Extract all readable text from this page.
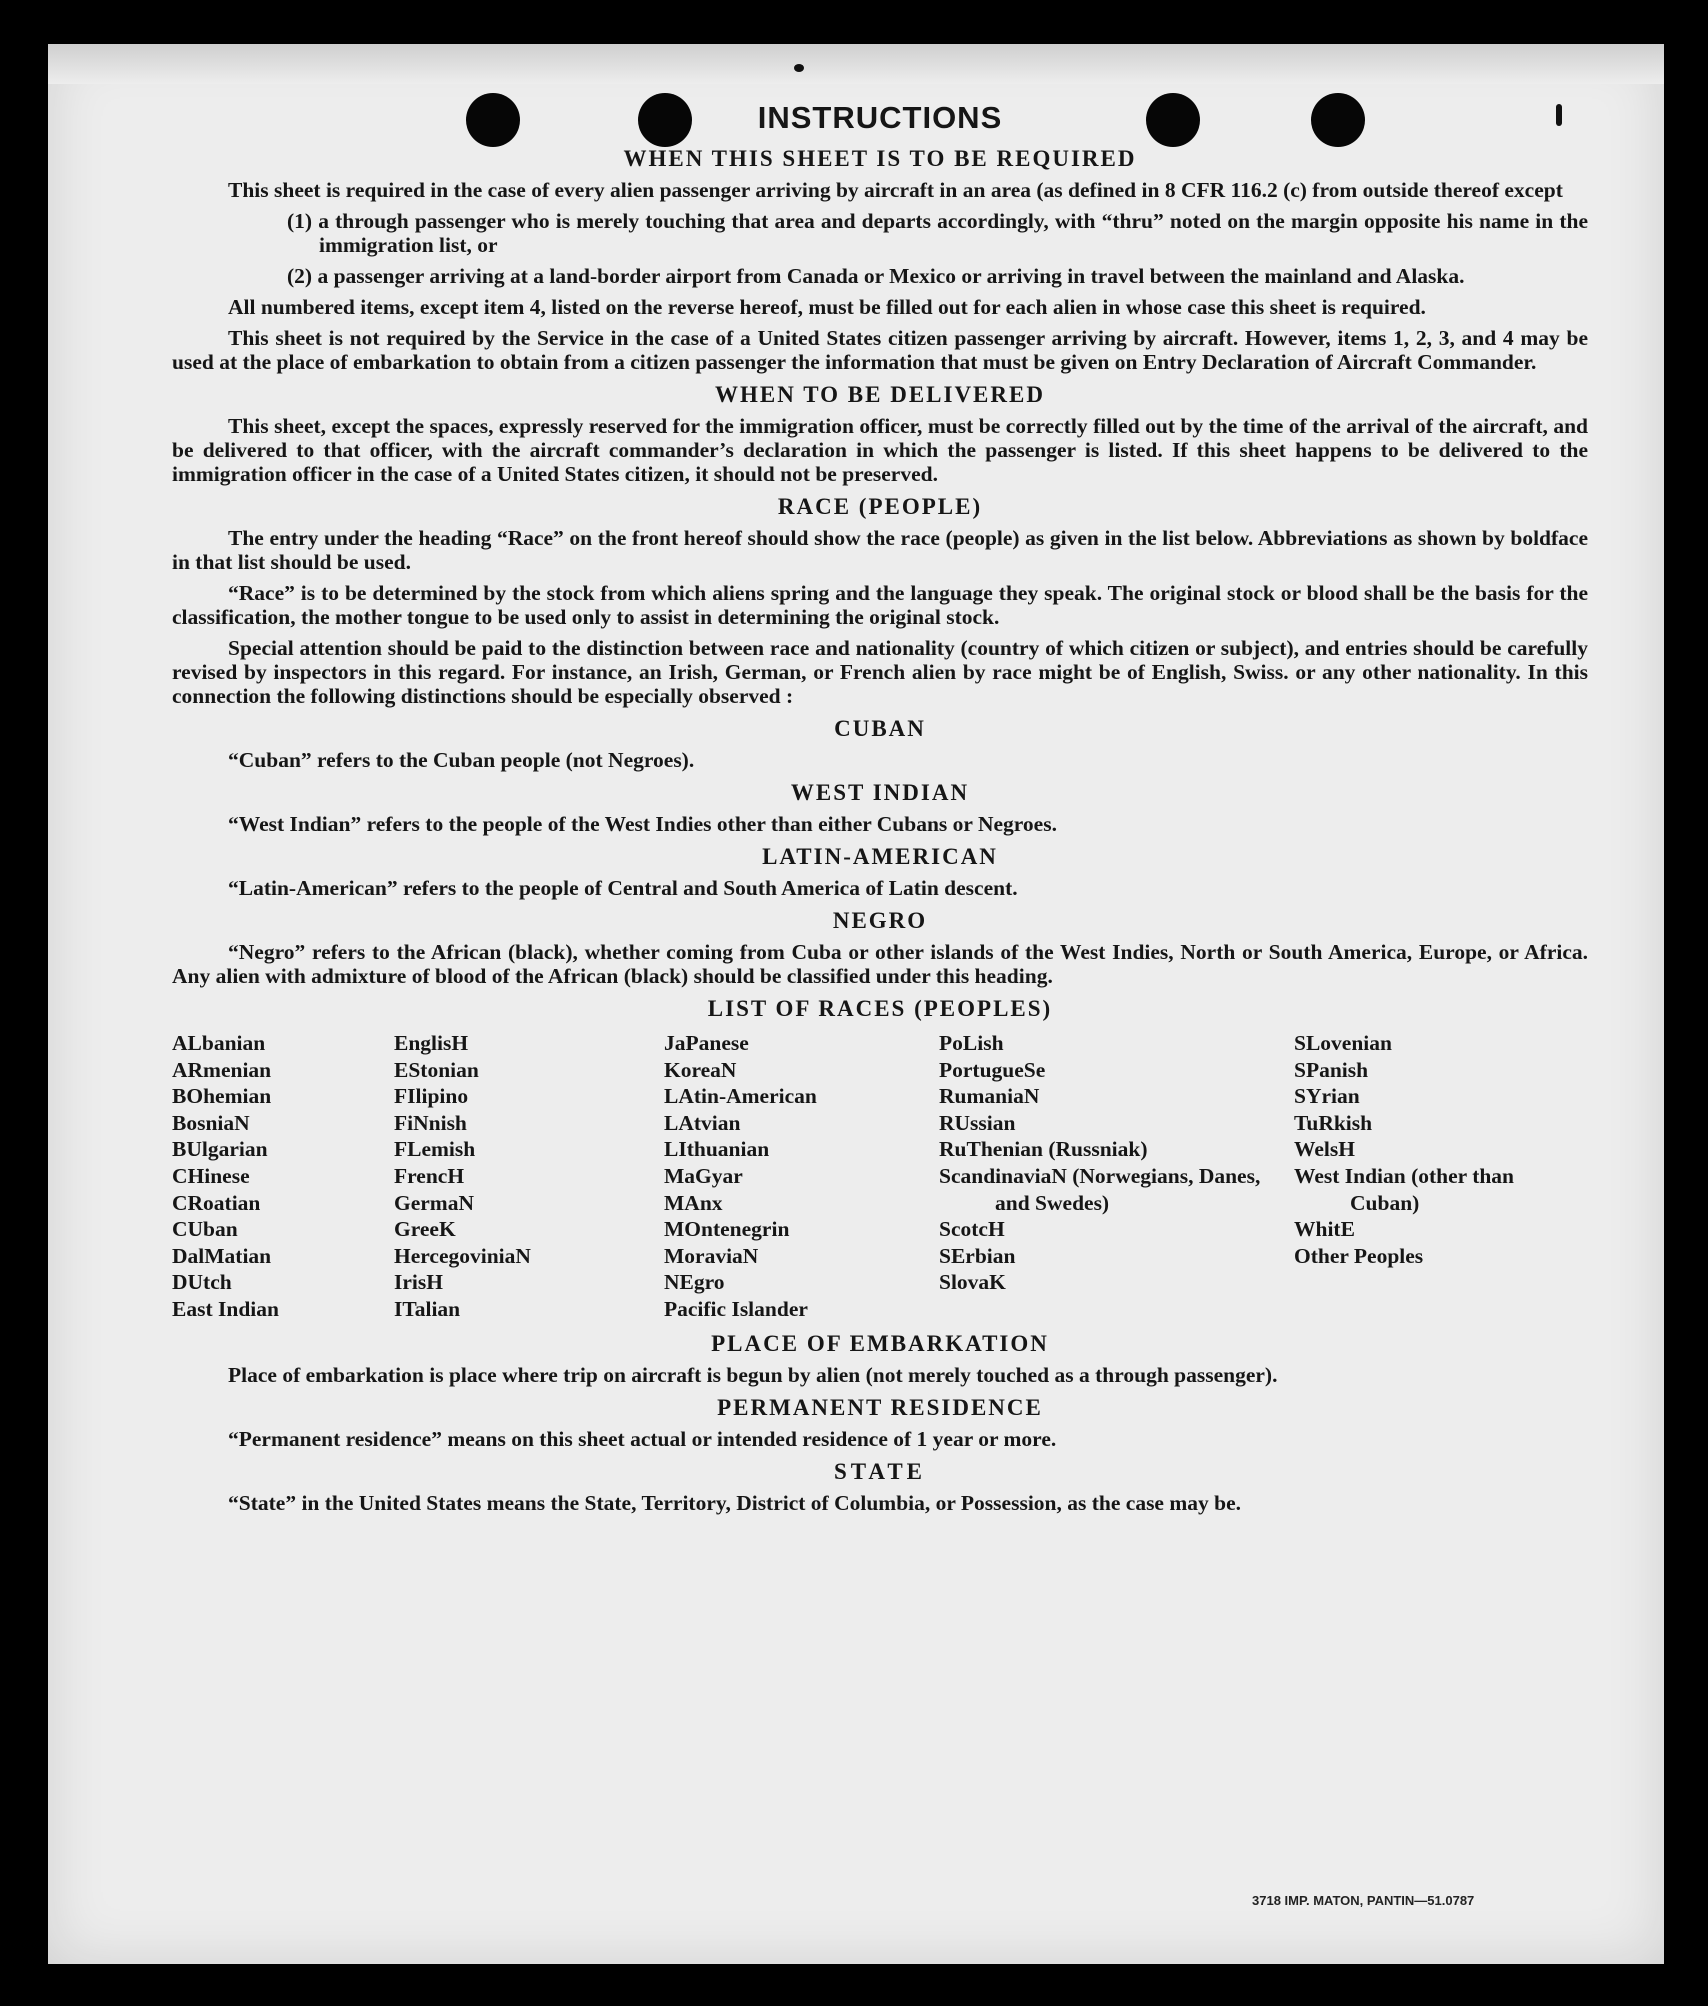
INSTRUCTIONS
WHEN THIS SHEET IS TO BE REQUIRED

This sheet is required in the case of every alien passenger arriving by aircraft in an area (as defined in 8 CFR 116.2 (c) from outside thereof except

(1) a through passenger who is merely touching that area and departs accordingly, with “thru” noted on the margin opposite his name in the immigration list, or

(2) a passenger arriving at a land-border airport from Canada or Mexico or arriving in travel between the mainland and Alaska.

All numbered items, except item 4, listed on the reverse hereof, must be filled out for each alien in whose case this sheet is required.

This sheet is not required by the Service in the case of a United States citizen passenger arriving by aircraft. However, items 1, 2, 3, and 4 may be used at the place of embarkation to obtain from a citizen passenger the information that must be given on Entry Declaration of Aircraft Commander.

WHEN TO BE DELIVERED

This sheet, except the spaces, expressly reserved for the immigration officer, must be correctly filled out by the time of the arrival of the aircraft, and be delivered to that officer, with the aircraft commander’s declaration in which the passenger is listed. If this sheet happens to be delivered to the immigration officer in the case of a United States citizen, it should not be preserved.

RACE (PEOPLE)

The entry under the heading “Race” on the front hereof should show the race (people) as given in the list below. Abbreviations as shown by boldface in that list should be used.

“Race” is to be determined by the stock from which aliens spring and the language they speak. The original stock or blood shall be the basis for the classification, the mother tongue to be used only to assist in determining the original stock.

Special attention should be paid to the distinction between race and nationality (country of which citizen or subject), and entries should be carefully revised by inspectors in this regard. For instance, an Irish, German, or French alien by race might be of English, Swiss. or any other nationality. In this connection the following distinctions should be especially observed :

CUBAN

“Cuban” refers to the Cuban people (not Negroes).

WEST INDIAN

“West Indian” refers to the people of the West Indies other than either Cubans or Negroes.

LATIN-AMERICAN

“Latin-American” refers to the people of Central and South America of Latin descent.

NEGRO

“Negro” refers to the African (black), whether coming from Cuba or other islands of the West Indies, North or South America, Europe, or Africa. Any alien with admixture of blood of the African (black) should be classified under this heading.

LIST OF RACES (PEOPLES)
ALbanian
ARmenian
BOhemian
BosniaN
BUlgarian
CHinese
CRoatian
CUban
DalMatian
DUtch
East Indian
EnglisH
EStonian
FIlipino
FiNnish
FLemish
FrencH
GermaN
GreeK
HercegoviniaN
IrisH
ITalian
JaPanese
KoreaN
LAtin-American
LAtvian
LIthuanian
MaGyar
MAnx
MOntenegrin
MoraviaN
NEgro
Pacific Islander
PoLish
PortugueSe
RumaniaN
RUssian
RuThenian (Russniak)
ScandinaviaN (Norwegians, Danes, and Swedes)
ScotcH
SErbian
SlovaK
SLovenian
SPanish
SYrian
TuRkish
WelsH
West Indian (other than Cuban)
WhitE
Other Peoples
PLACE OF EMBARKATION

Place of embarkation is place where trip on aircraft is begun by alien (not merely touched as a through passenger).

PERMANENT RESIDENCE

“Permanent residence” means on this sheet actual or intended residence of 1 year or more.

STATE

“State” in the United States means the State, Territory, District of Columbia, or Possession, as the case may be.

3718 IMP. MATON, PANTIN—51.0787
